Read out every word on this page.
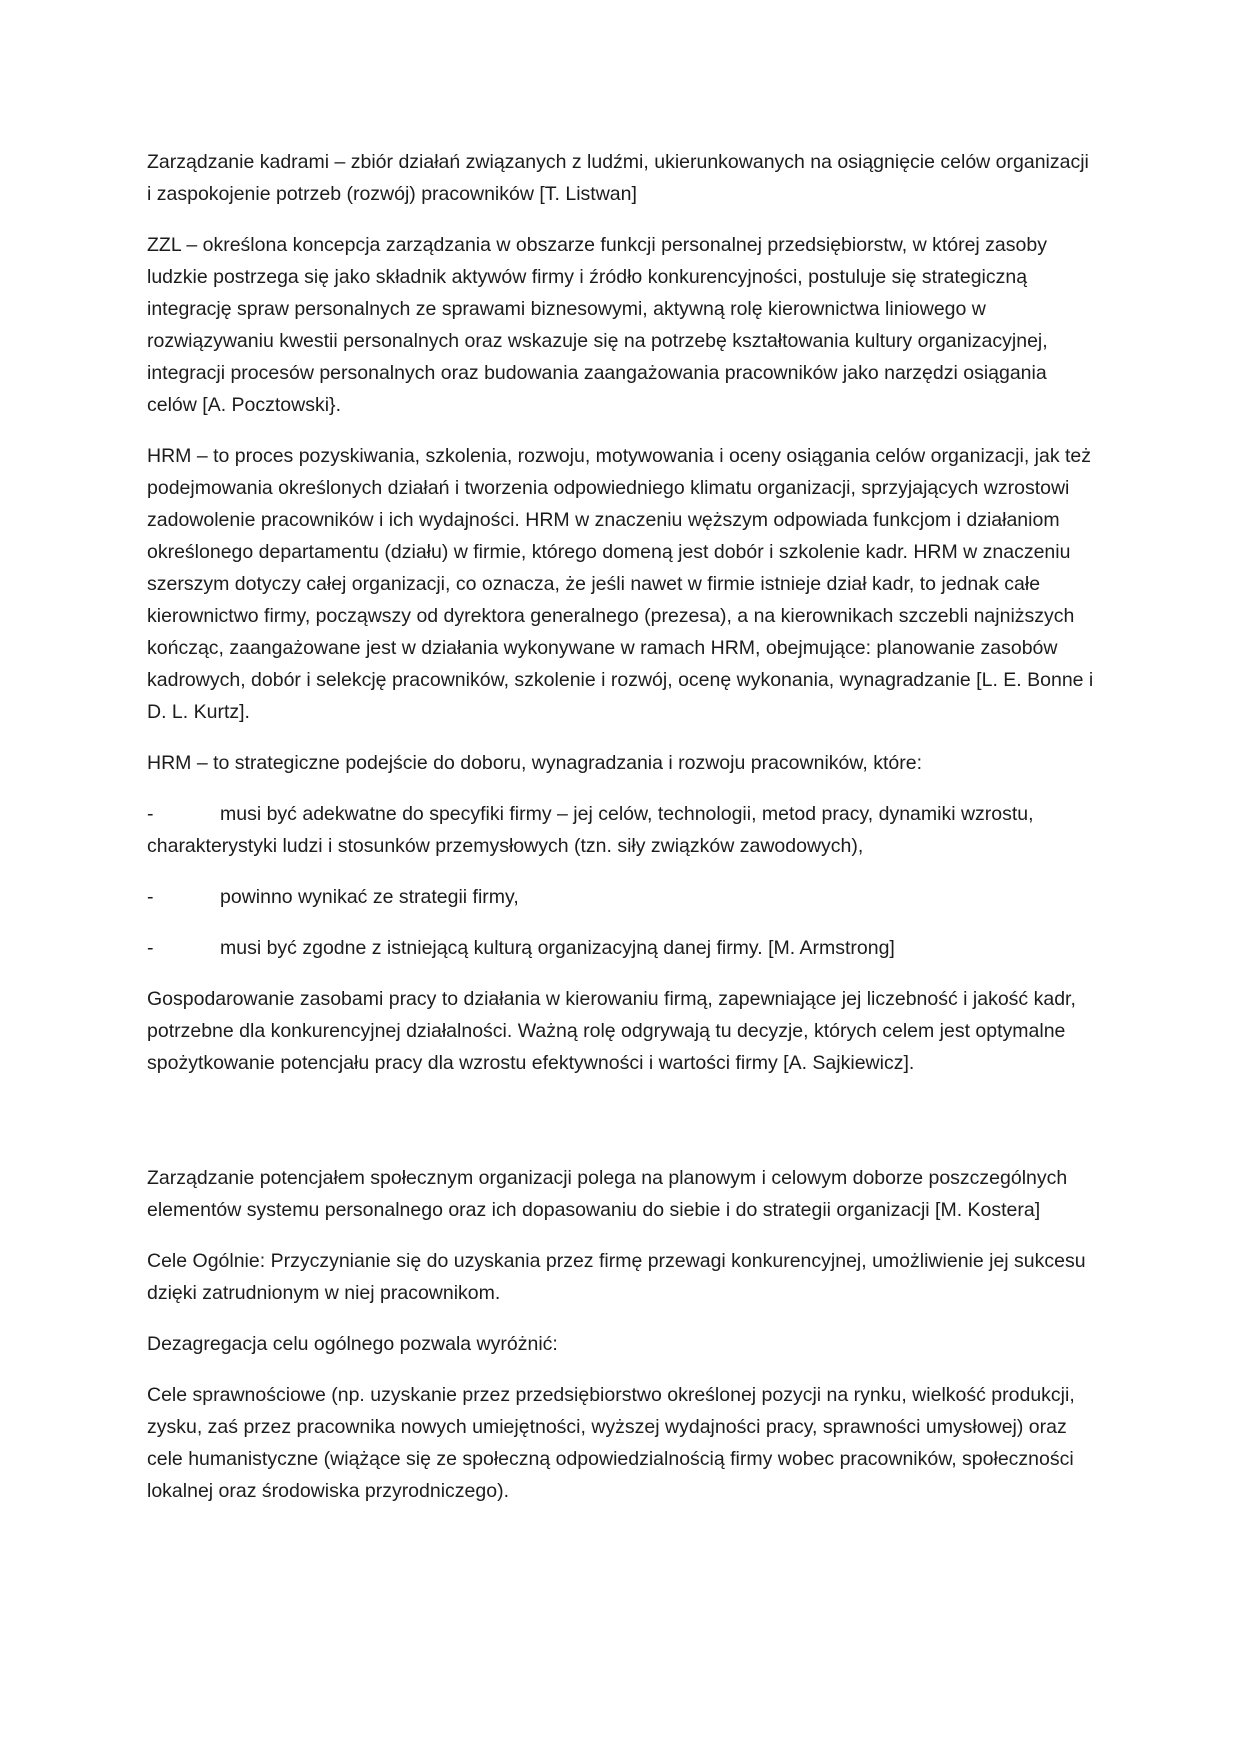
Zarządzanie kadrami – zbiór działań związanych z ludźmi, ukierunkowanych na osiągnięcie celów organizacji i zaspokojenie potrzeb (rozwój) pracowników [T. Listwan]

ZZL – określona koncepcja zarządzania w obszarze funkcji personalnej przedsiębiorstw, w której zasoby ludzkie postrzega się jako składnik aktywów firmy i źródło konkurencyjności, postuluje się strategiczną integrację spraw personalnych ze sprawami biznesowymi, aktywną rolę kierownictwa liniowego w rozwiązywaniu kwestii personalnych oraz wskazuje się na potrzebę kształtowania kultury organizacyjnej, integracji procesów personalnych oraz budowania zaangażowania pracowników jako narzędzi osiągania celów [A. Pocztowski}.

HRM – to proces pozyskiwania, szkolenia, rozwoju, motywowania i oceny osiągania celów organizacji, jak też podejmowania określonych działań i tworzenia odpowiedniego klimatu organizacji, sprzyjających wzrostowi zadowolenie pracowników i ich wydajności. HRM w znaczeniu węższym odpowiada funkcjom i działaniom określonego departamentu (działu) w firmie, którego domeną jest dobór i szkolenie kadr. HRM w znaczeniu szerszym dotyczy całej organizacji, co oznacza, że jeśli nawet w firmie istnieje dział kadr, to jednak całe kierownictwo firmy, począwszy od dyrektora generalnego (prezesa), a na kierownikach szczebli najniższych kończąc, zaangażowane jest w działania wykonywane w ramach HRM, obejmujące: planowanie zasobów kadrowych, dobór i selekcję pracowników, szkolenie i rozwój, ocenę wykonania, wynagradzanie [L. E. Bonne i D. L. Kurtz].

HRM – to strategiczne podejście do doboru, wynagradzania i rozwoju pracowników, które:

-	musi być adekwatne do specyfiki firmy – jej celów, technologii, metod pracy, dynamiki wzrostu, charakterystyki ludzi i stosunków przemysłowych (tzn. siły związków zawodowych),
-	powinno wynikać ze strategii firmy,
-	musi być zgodne z istniejącą kulturą organizacyjną danej firmy. [M. Armstrong]

Gospodarowanie zasobami pracy to działania w kierowaniu firmą, zapewniające jej liczebność i jakość kadr, potrzebne dla konkurencyjnej działalności. Ważną rolę odgrywają tu decyzje, których celem jest optymalne spożytkowanie potencjału pracy dla wzrostu efektywności i wartości firmy [A. Sajkiewicz].

Zarządzanie potencjałem społecznym organizacji polega na planowym i celowym doborze poszczególnych elementów systemu personalnego oraz ich dopasowaniu do siebie i do strategii organizacji [M. Kostera]

Cele Ogólnie: Przyczynianie się do uzyskania przez firmę przewagi konkurencyjnej, umożliwienie jej sukcesu dzięki zatrudnionym w niej pracownikom.

Dezagregacja celu ogólnego pozwala wyróżnić:

Cele sprawnościowe (np. uzyskanie przez przedsiębiorstwo określonej pozycji na rynku, wielkość produkcji, zysku, zaś przez pracownika nowych umiejętności, wyższej wydajności pracy, sprawności umysłowej) oraz cele humanistyczne (wiążące się ze społeczną odpowiedzialnością firmy wobec pracowników, społeczności lokalnej oraz środowiska przyrodniczego).
